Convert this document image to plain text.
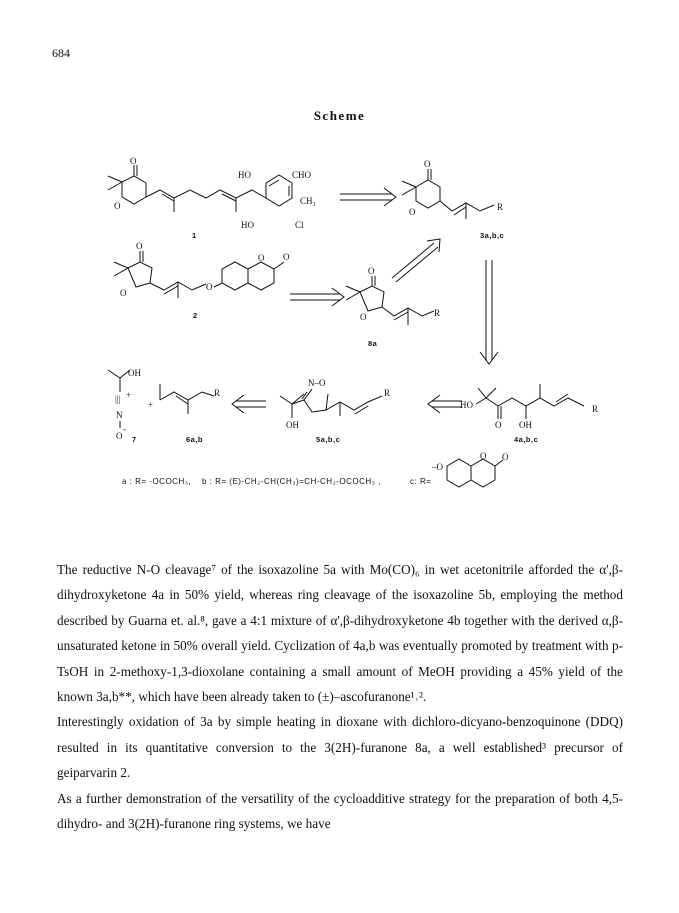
684
Scheme
O
O
HO	CHO
CH₃
HO	Cl
1
O
O	R
3a,b,c
O
O
O
O
O
2
O
O	R
8a
HO
O OH
R
4a,b,c
N–O
OH
R
5a,b,c
R
+
6a,b
OH
||| +
N
O
-
7
a : R= -OCOCH₃, b : R= (E)-CH₂-CH(CH₃)=CH-CH₂-OCOCH₃ ,	c: R=
–O
O
O

The reductive N-O cleavage⁷ of the isoxazoline 5a with Mo(CO)₆ in wet acetonitrile afforded the α',β-dihydroxyketone 4a in 50% yield, whereas ring cleavage of the isoxazoline 5b, employing the method described by Guarna et. al.⁸, gave a 4:1 mixture of α',β-dihydroxyketone 4b together with the derived α,β-unsaturated ketone in 50% overall yield. Cyclization of 4a,b was eventually promoted by treatment with p-TsOH in 2-methoxy-1,3-dioxolane containing a small amount of MeOH providing a 45% yield of the known 3a,b**, which have been already taken to (±)–ascofuranone¹˒².

Interestingly oxidation of 3a by simple heating in dioxane with dichloro-dicyano-benzoquinone (DDQ) resulted in its quantitative conversion to the 3(2H)-furanone 8a, a well established³ precursor of geiparvarin 2.

As a further demonstration of the versatility of the cycloadditive strategy for the preparation of both 4,5-dihydro- and 3(2H)-furanone ring systems, we have
